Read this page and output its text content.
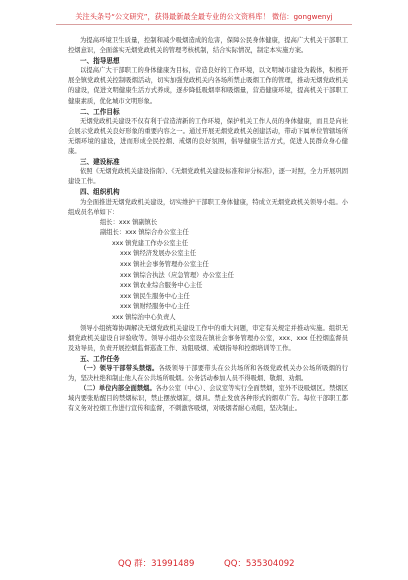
关注头条号“公文研究”，获得最新最全最专业的公文资料库！ 微信：gongwenyj

为提高环境卫生质量，控制和减少吸烟造成的危害，保障公民身体健康，提高广大机关干部职工控烟意识，全面落实无烟党政机关的管理考核机制，结合实际情况，制定本实施方案。

一、指导思想

以提高广大干部职工的身体健康为目标，营造良好的工作环境，以文明城市建设为载体，积极开展全镇党政机关控制吸烟活动，切实加强党政机关内各场所禁止吸烟工作的管理，推动无烟党政机关的建设，促进文明健康生活方式养成，逐步降低吸烟率和吸烟量，营造健康环境，提高机关干部职工健康素质，优化城市文明形象。

二、工作目标

无烟党政机关建设不仅有利于营造清新的工作环境，保护机关工作人员的身体健康，而且是向社会展示党政机关良好形象的重要内容之一。通过开展无烟党政机关创建活动，带动下属单位管辖场所无烟环境的建设，进而形成全民控烟、戒烟的良好氛围，倡导健康生活方式，促进人民群众身心健康。

三、建设标准

依照《无烟党政机关建设指南》、《无烟党政机关建设标准和评分标准》，逐一对照，全力开展巩固建设工作。

四、组织机构

为全面推进无烟党政机关建设，切实维护干部职工身体健康，特成立无烟党政机关领导小组。小组成员名单如下：

组长：xxx 镇副镇长

副组长：xxx 镇综合办公室主任

xxx 镇党建工作办公室主任

xxx 镇经济发展办公室主任

xxx 镇社会事务管理办公室主任

xxx 镇综合执法（应急管理）办公室主任

xxx 镇农业综合服务中心主任

xxx 镇民生服务中心主任

xxx 镇财经服务中心主任

xxx 镇综治中心负责人

领导小组统筹协调解决无烟党政机关建设工作中的重大问题，审定有关规定并推动实施。组织无烟党政机关建设自评验收等。领导小组办公室设在镇社会事务管理办公室，xxx、xxx 任控烟监督员及劝导员，负责开展控烟监督巡查工作、劝阻吸烟、戒烟指导和控烟培训等工作。

五、工作任务

（一）领导干部带头禁烟。各级领导干部要带头在公共场所和各级党政机关办公场所吸烟的行为，坚决杜绝和制止他人在公共场所吸烟。公务活动参加人员不得吸烟、敬烟、劝烟。

（二）单位内部全面禁烟。各办公室（中心）、会议室等实行全面禁烟，室外不设吸烟区。禁烟区域内要张贴醒目的禁烟标识，禁止摆放烟缸，烟具。禁止发放各种形式的烟草广告。每位干部职工都有义务对控烟工作进行宣传和监督，不刺激客吸烟，对吸烟者耐心劝阻，坚决制止。

QQ 群：31991489	QQ：535304092
